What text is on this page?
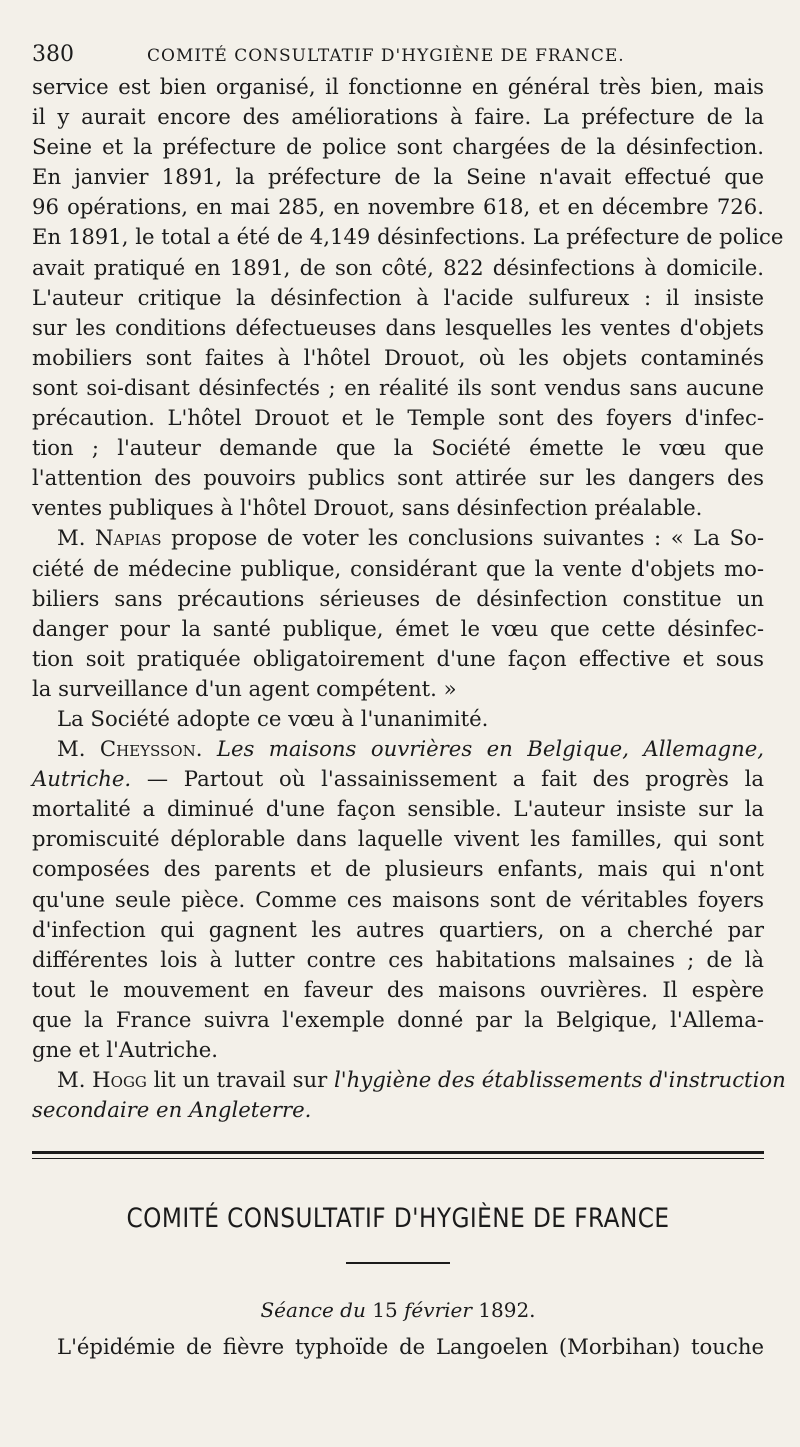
380	COMITÉ CONSULTATIF D'HYGIÈNE DE FRANCE.

service est bien organisé, il fonctionne en général très bien, mais
il y aurait encore des améliorations à faire. La préfecture de la
Seine et la préfecture de police sont chargées de la désinfection.
En janvier 1891, la préfecture de la Seine n'avait effectué que
96 opérations, en mai 285, en novembre 618, et en décembre 726.
En 1891, le total a été de 4,149 désinfections. La préfecture de police
avait pratiqué en 1891, de son côté, 822 désinfections à domicile.
L'auteur critique la désinfection à l'acide sulfureux : il insiste
sur les conditions défectueuses dans lesquelles les ventes d'objets
mobiliers sont faites à l'hôtel Drouot, où les objets contaminés
sont soi-disant désinfectés ; en réalité ils sont vendus sans aucune
précaution. L'hôtel Drouot et le Temple sont des foyers d'infec-
tion ; l'auteur demande que la Société émette le vœu que
l'attention des pouvoirs publics sont attirée sur les dangers des
ventes publiques à l'hôtel Drouot, sans désinfection préalable.

M. Napias propose de voter les conclusions suivantes : « La So-
ciété de médecine publique, considérant que la vente d'objets mo-
biliers sans précautions sérieuses de désinfection constitue un
danger pour la santé publique, émet le vœu que cette désinfec-
tion soit pratiquée obligatoirement d'une façon effective et sous
la surveillance d'un agent compétent. »

La Société adopte ce vœu à l'unanimité.

M. Cheysson. Les maisons ouvrières en Belgique, Allemagne,
Autriche. — Partout où l'assainissement a fait des progrès la
mortalité a diminué d'une façon sensible. L'auteur insiste sur la
promiscuité déplorable dans laquelle vivent les familles, qui sont
composées des parents et de plusieurs enfants, mais qui n'ont
qu'une seule pièce. Comme ces maisons sont de véritables foyers
d'infection qui gagnent les autres quartiers, on a cherché par
différentes lois à lutter contre ces habitations malsaines ; de là
tout le mouvement en faveur des maisons ouvrières. Il espère
que la France suivra l'exemple donné par la Belgique, l'Allema-
gne et l'Autriche.

M. Hogg lit un travail sur l'hygiène des établissements d'instruction
secondaire en Angleterre.

COMITÉ CONSULTATIF D'HYGIÈNE DE FRANCE
Séance du 15 février 1892.
L'épidémie de fièvre typhoïde de Langoelen (Morbihan) touche
